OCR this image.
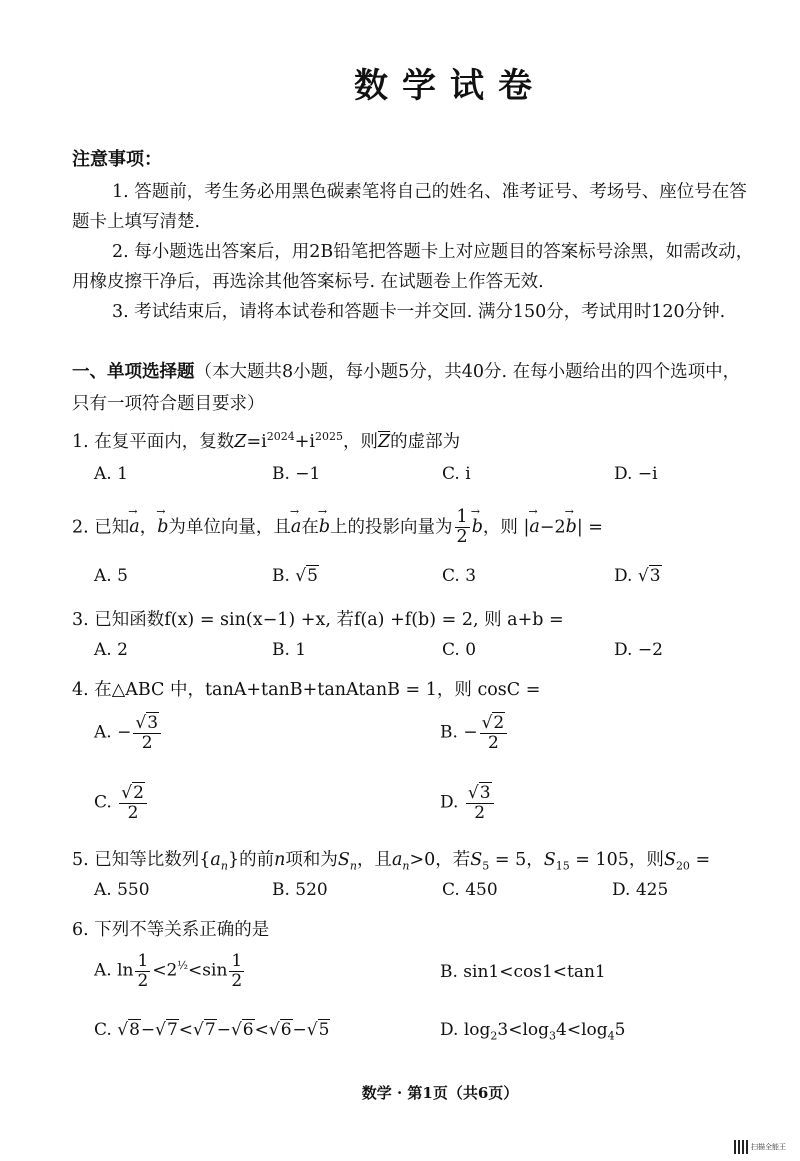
数学试卷
注意事项：
1. 答题前，考生务必用黑色碳素笔将自己的姓名、准考证号、考场号、座位号在答
题卡上填写清楚.
2. 每小题选出答案后，用2B铅笔把答题卡上对应题目的答案标号涂黑，如需改动，
用橡皮擦干净后，再选涂其他答案标号. 在试题卷上作答无效.
3. 考试结束后，请将本试卷和答题卡一并交回. 满分150分，考试用时120分钟.
一、单项选择题（本大题共8小题，每小题5分，共40分. 在每小题给出的四个选项中，
只有一项符合题目要求）
1. 在复平面内，复数$Z=i^{2024}+i^{2025}$，则$\overline{Z}$的虚部为
A. 1	B. −1	C. i	D. −i
2. 已知a →，b →为单位向量，且a →在b →上的投影向量为 $\frac{1}{2}$ b →，则 |a →−2b →| =
A. 5	B. √5	C. 3	D. √3
3. 已知函数f(x) = sin(x−1) +x, 若f(a) +f(b) = 2, 则 a+b =
A. 2	B. 1	C. 0	D. −2
4. 在△ABC 中，tanA+tanB+tanAtanB = 1，则 cosC =
A. − $\frac{√3}{2}$	B. − $\frac{√2}{2}$
C. $\frac{√2}{2}$	D. $\frac{√3}{2}$
5. 已知等比数列$\{a_n\}$的前n项和为$S_n$，且$a_n>0$，若$S_5 = 5$，$S_{15} = 105$，则$S_{20}$ =
A. 550	B. 520	C. 450	D. 425
6. 下列不等关系正确的是
A. $\ln \frac{1}{2} <2^{\frac{1}{2}}<\sin \frac{1}{2}$	B. sin1<cos1<tan1
C. √8−√7<√7−√6<√6−√5	D. $\log_23<\log_34<\log_45$
数学 · 第1页（共6页）
扫描全能王
